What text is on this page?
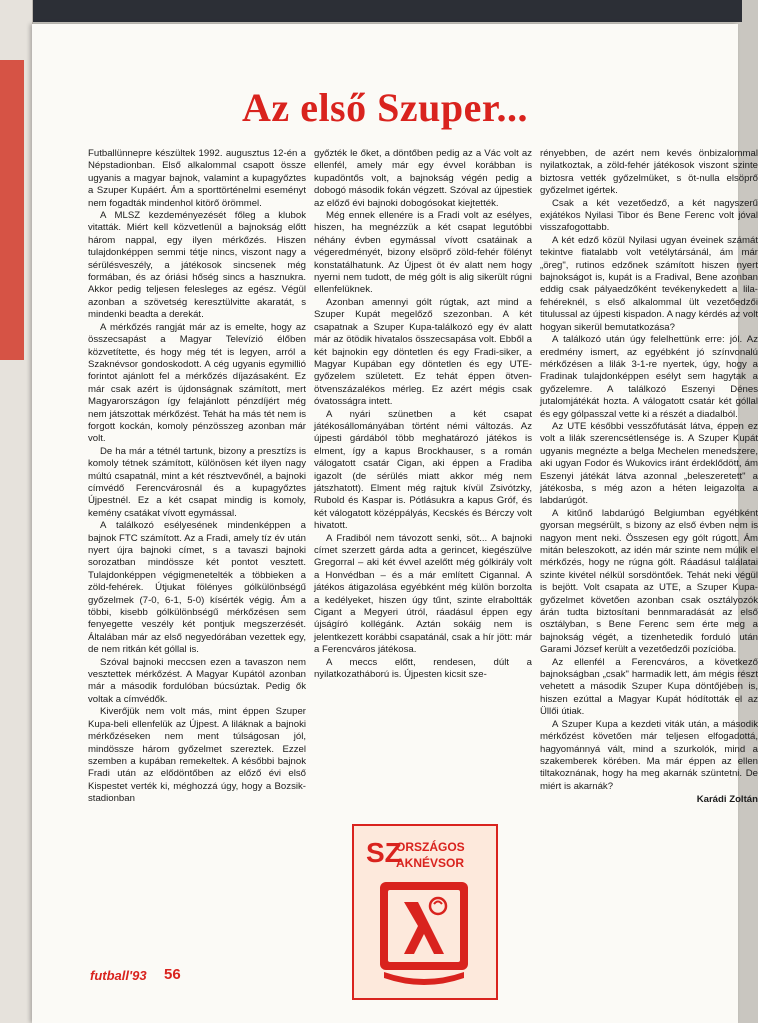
Az első Szuper...

Futballünnepre készültek 1992. augusztus 12-én a Népstadionban. Első alkalommal csapott össze ugyanis a magyar bajnok, valamint a kupagyőztes a Szuper Kupáért. Ám a sporttörténelmi eseményt nem fogadták mindenhol kitörő örömmel.

A MLSZ kezdeményezését főleg a klubok vitatták. Miért kell közvetlenül a bajnokság előtt három nappal, egy ilyen mérkőzés. Hiszen tulajdonképpen semmi tétje nincs, viszont nagy a sérülésveszély, a játékosok sincsenek még formában, és az óriási hőség sincs a hasznukra. Akkor pedig teljesen felesleges az egész. Végül azonban a szövetség keresztülvitte akaratát, s mindenki beadta a derekát.

A mérkőzés rangját már az is emelte, hogy az összecsapást a Magyar Televízió élőben közvetítette, és hogy még tét is legyen, arról a Szaknévsor gondoskodott. A cég ugyanis egymillió forintot ajánlott fel a mérkőzés díjazásaként. Ez már csak azért is újdonságnak számított, mert Magyarországon így felajánlott pénzdíjért még nem játszottak mérkőzést. Tehát ha más tét nem is forgott kockán, komoly pénzösszeg azonban már volt.

De ha már a tétnél tartunk, bizony a presztízs is komoly tétnek számított, különösen két ilyen nagy múltú csapatnál, mint a két résztvevőnél, a bajnoki címvédő Ferencvárosnál és a kupagyőztes Újpestnél. Ez a két csapat mindig is komoly, kemény csatákat vívott egymással.

A találkozó esélyesének mindenképpen a bajnok FTC számított. Az a Fradi, amely tíz év után nyert újra bajnoki címet, s a tavaszi bajnoki sorozatban mindössze két pontot vesztett. Tulajdonképpen végigmenetelték a többieken a zöld-fehérek. Útjukat fölényes gólkülönbségű győzelmek (7-0, 6-1, 5-0) kísérték végig. Ám a többi, kisebb gólkülönbségű mérkőzésen sem fenyegette veszély két pontjuk megszerzését. Általában már az első negyedórában vezettek egy, de nem ritkán két góllal is.

Szóval bajnoki meccsen ezen a tavaszon nem vesztettek mérkőzést. A Magyar Kupától azonban már a második fordulóban búcsúztak. Pedig ők voltak a címvédők.

Kiverőjük nem volt más, mint éppen Szuper Kupa-beli ellenfelük az Újpest. A liláknak a bajnoki mérkőzéseken nem ment túlságosan jól, mindössze három győzelmet szereztek. Ezzel szemben a kupában remekeltek. A későbbi bajnok Fradi után az elődöntőben az előző évi első Kispestet verték ki, méghozzá úgy, hogy a Bozsik-stadionban

győzték le őket, a döntőben pedig az a Vác volt az ellenfél, amely már egy évvel korábban is kupadöntős volt, a bajnokság végén pedig a dobogó második fokán végzett. Szóval az újpestiek az előző évi bajnoki dobogósokat kiejtették.

Még ennek ellenére is a Fradi volt az esélyes, hiszen, ha megnézzük a két csapat legutóbbi néhány évben egymással vívott csatáinak a végeredményét, bizony elsöprő zöld-fehér fölényt konstatálhatunk. Az Újpest öt év alatt nem hogy nyerni nem tudott, de még gólt is alig sikerült rúgni ellenfelüknek.

Azonban amennyi gólt rúgtak, azt mind a Szuper Kupát megelőző szezonban. A két csapatnak a Szuper Kupa-találkozó egy év alatt már az ötödik hivatalos összecsapása volt. Ebből a két bajnokin egy döntetlen és egy Fradi-siker, a Magyar Kupában egy döntetlen és egy UTE-győzelem született. Ez tehát éppen ötven-ötvenszázalékos mérleg. Ez azért mégis csak óvatosságra intett.

A nyári szünetben a két csapat játékosállományában történt némi változás. Az újpesti gárdából több meghatározó játékos is elment, így a kapus Brockhauser, s a román válogatott csatár Cigan, aki éppen a Fradiba igazolt (de sérülés miatt akkor még nem játszhatott). Elment még rajtuk kívül Zsivótzky, Rubold és Kaspar is. Pótlásukra a kapus Gróf, és két válogatott középpályás, Kecskés és Bérczy volt hivatott.

A Fradiból nem távozott senki, söt... A bajnoki címet szerzett gárda adta a gerincet, kiegészülve Gregorral – aki két évvel azelőtt még gólkirály volt a Honvédban – és a már említett Cigannal. A játékos átigazolása egyébként még külön borzolta a kedélyeket, hiszen úgy tűnt, szinte elraboltták Cigant a Megyeri útról, ráadásul éppen egy újságíró kollégánk. Aztán sokáig nem is jelentkezett korábbi csapatánál, csak a hír jött: már a Ferencváros játékosa.

A meccs előtt, rendesen, dúlt a nyilatkozatháború is. Újpesten kicsit sze-

rényebben, de azért nem kevés önbizalommal nyilatkoztak, a zöld-fehér játékosok viszont szinte biztosra vették győzelmüket, s öt-nulla elsöprő győzelmet igértek.

Csak a két vezetőedző, a két nagyszerű exjátékos Nyilasi Tibor és Bene Ferenc volt jóval visszafogottabb.

A két edző közül Nyilasi ugyan éveinek számát tekintve fiatalabb volt vetélytársánál, ám már „öreg", rutinos edzőnek számított hiszen nyert bajnokságot is, kupát is a Fradival, Bene azonban eddig csak pályaedzőként tevékenykedett a lila-fehéreknél, s első alkalommal ült vezetőedzői titulussal az újpesti kispadon. A nagy kérdés az volt hogyan sikerül bemutatkozása?

A találkozó után úgy felelhettünk erre: jól. Az eredmény ismert, az egyébként jó színvonalú mérkőzésen a lilák 3-1-re nyertek, úgy, hogy a Fradinak tulajdonképpen esélyt sem hagytak a győzelemre. A találkozó Eszenyi Dénes jutalomjátékát hozta. A válogatott csatár két góllal és egy gólpasszal vette ki a részét a diadalból.

Az UTE későbbi vesszőfutását látva, éppen ez volt a lilák szerencsétlensége is. A Szuper Kupát ugyanis megnézte a belga Mechelen menedszere, aki ugyan Fodor és Wukovics iránt érdeklődött, ám Eszenyi játékát látva azonnal „beleszeretett" a játékosba, s még azon a héten leigazolta a labdarúgót.

A kitűnő labdarúgó Belgiumban egyébként gyorsan megsérült, s bizony az első évben nem is nagyon ment neki. Összesen egy gólt rúgott. Ám mitán beleszokott, az idén már szinte nem múlik el mérkőzés, hogy ne rúgna gólt. Ráadásul találatai szinte kivétel nélkül sorsdöntőek. Tehát neki végül is bejött. Volt csapata az UTE, a Szuper Kupa-győzelmet követően azonban csak osztályozók árán tudta biztosítani bennmaradását az első osztályban, s Bene Ferenc sem érte meg a bajnokság végét, a tizenhetedik forduló után Garami József került a vezetőedzői pozícióba.

Az ellenfél a Ferencváros, a következő bajnokságban „csak" harmadik lett, ám mégis részt vehetett a második Szuper Kupa döntőjében is, hiszen ezúttal a Magyar Kupát hódították el az Üllői útiak.

A Szuper Kupa a kezdeti viták után, a második mérkőzést követően már teljesen elfogadottá, hagyománnyá vált, mind a szurkolók, mind a szakemberek körében. Ma már éppen az ellen tiltakoznának, hogy ha meg akarnák szüntetni. De miért is akarnák?

Karádi Zoltán
SZ
ORSZÁGOS
AKNÉVSOR
futball'93 56
